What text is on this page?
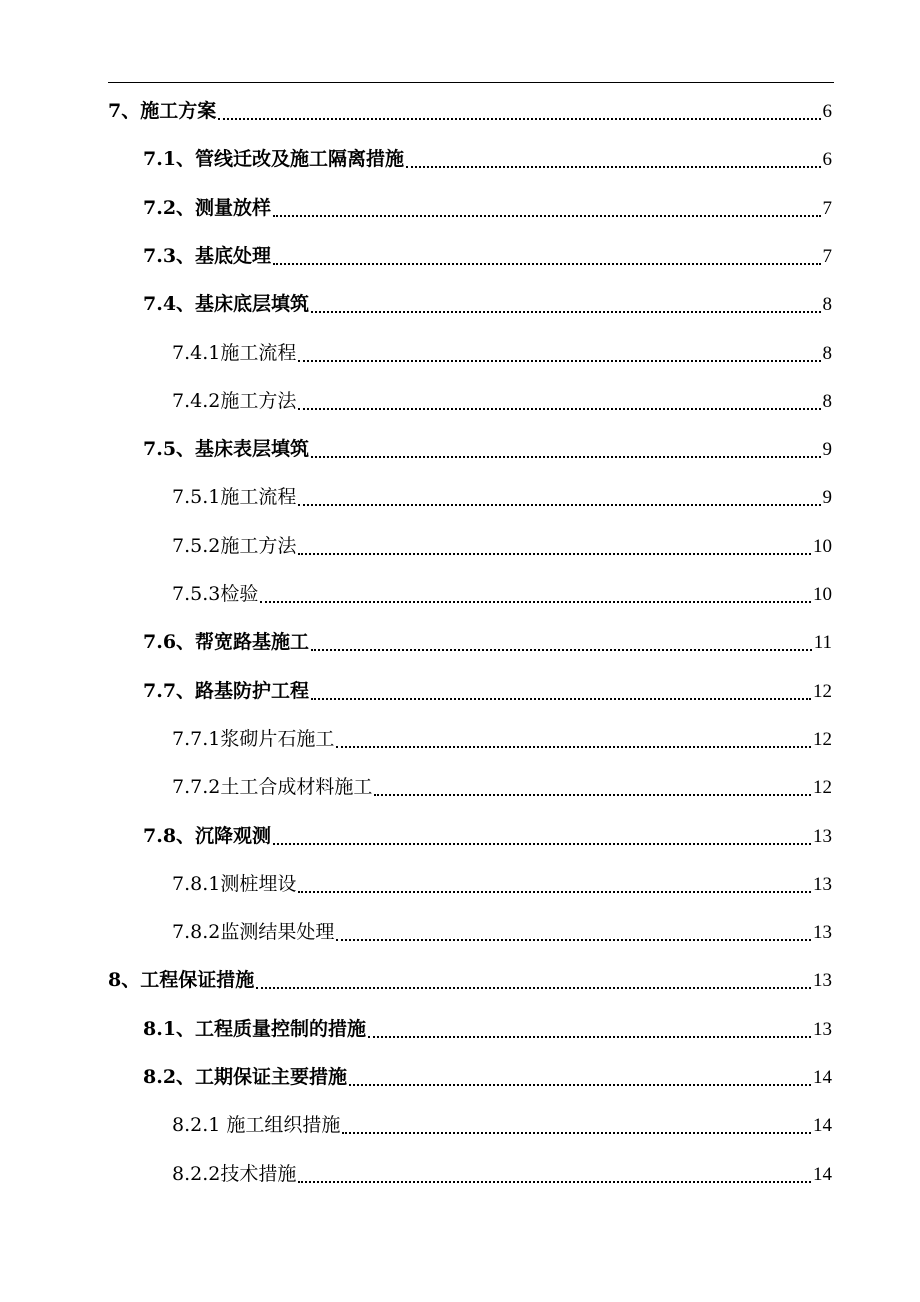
7、施工方案	6
7.1、管线迁改及施工隔离措施	6
7.2、测量放样	7
7.3、基底处理	7
7.4、基床底层填筑	8
7.4.1施工流程	8
7.4.2施工方法	8
7.5、基床表层填筑	9
7.5.1施工流程	9
7.5.2施工方法	10
7.5.3检验	10
7.6、帮宽路基施工	11
7.7、路基防护工程	12
7.7.1浆砌片石施工	12
7.7.2土工合成材料施工	12
7.8、沉降观测	13
7.8.1测桩埋设	13
7.8.2监测结果处理	13
8、工程保证措施	13
8.1、工程质量控制的措施	13
8.2、工期保证主要措施	14
8.2.1 施工组织措施	14
8.2.2技术措施	14
